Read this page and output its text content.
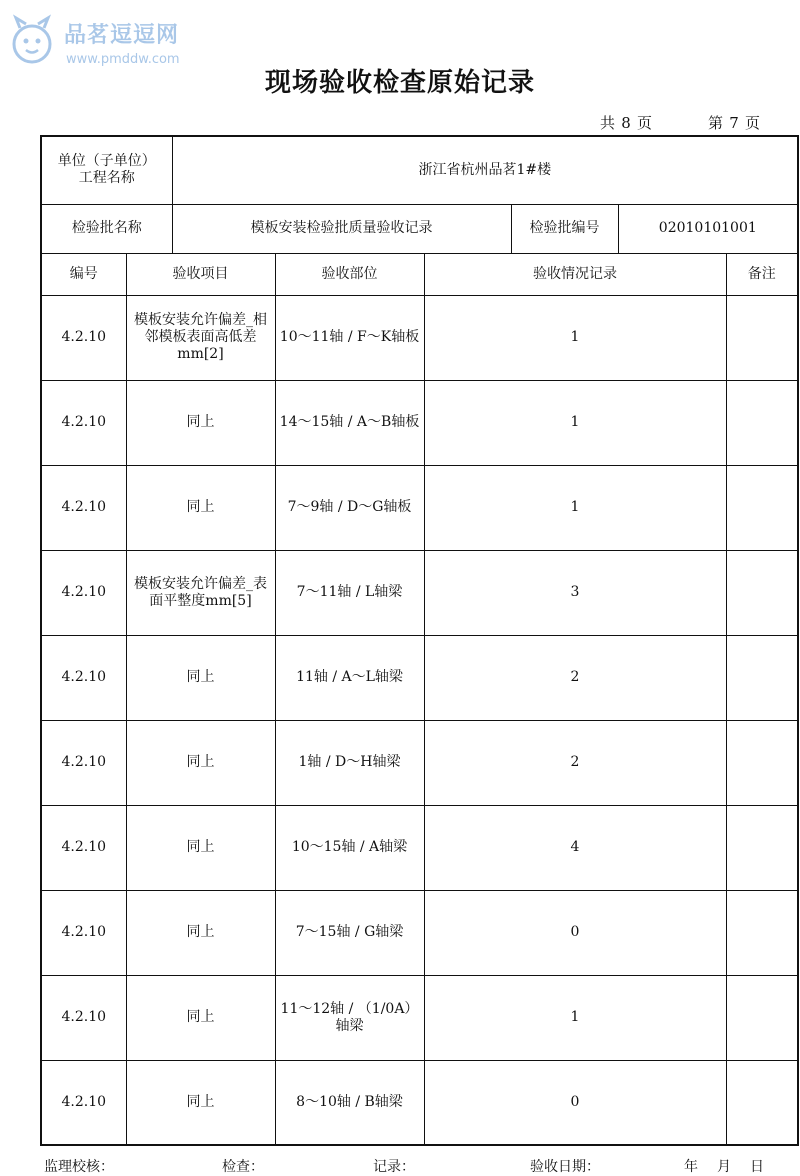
品茗逗逗网
www.pmddw.com
现场验收检查原始记录
共 8 页	第 7 页
单位（子单位）
工程名称		浙江省杭州品茗1#楼					
检验批名称		模板安装检验批质量验收记录			检验批编号	02010101001	
编号	验收项目		验收部位	验收情况记录			备注
4.2.10	模板安装允许偏差_相邻模板表面高低差mm[2]		10～11轴 / F～K轴板	1			
4.2.10	同上		14～15轴 / A～B轴板	1			
4.2.10	同上		7～9轴 / D～G轴板	1			
4.2.10	模板安装允许偏差_表面平整度mm[5]		7～11轴 / L轴梁	3			
4.2.10	同上		11轴 / A～L轴梁	2			
4.2.10	同上		1轴 / D～H轴梁	2			
4.2.10	同上		10～15轴 / A轴梁	4			
4.2.10	同上		7～15轴 / G轴梁	0			
4.2.10	同上		11～12轴 / （1/0A）轴梁	1			
4.2.10	同上		8～10轴 / B轴梁	0			
监理校核：	检查：	记录：	验收日期：	年 月 日
